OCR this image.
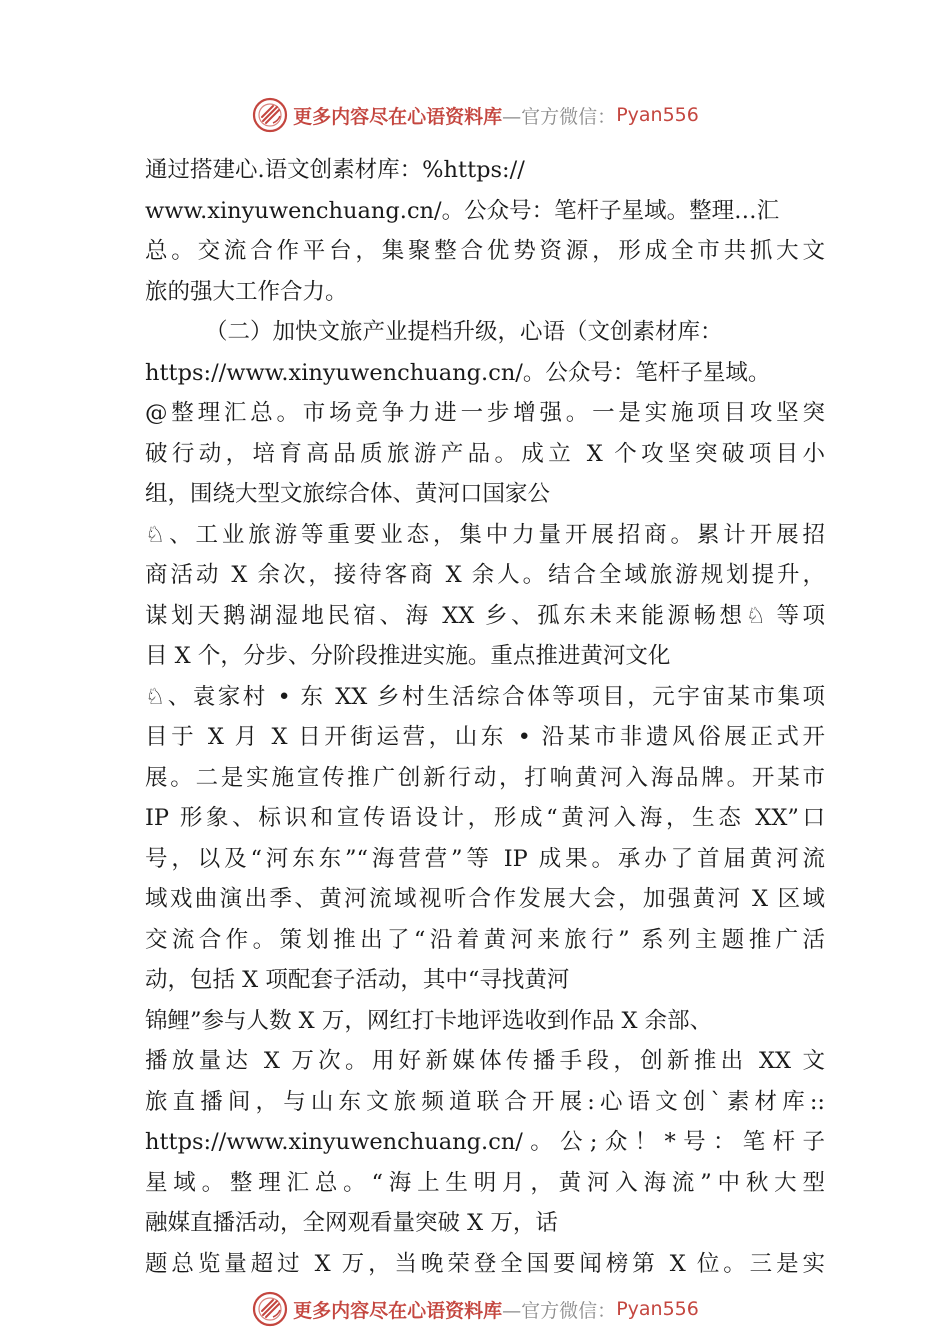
更多内容尽在心语资料库 —官方微信： Pyan556
通过搭建心.语文创素材库：%https://
www.xinyuwenchuang.cn/。公众号：笔杆子星域。整理…汇
总。交流合作平台，集聚整合优势资源，形成全市共抓大文
旅的强大工作合力。
（二）加快文旅产业提档升级，心语（文创素材库：
https://www.xinyuwenchuang.cn/。公众号：笔杆子星域。
@整理汇总。市场竞争力进一步增强。一是实施项目攻坚突
破行动，培育高品质旅游产品。成立 X 个攻坚突破项目小
组，围绕大型文旅综合体、黄河口国家公
♘、工业旅游等重要业态，集中力量开展招商。累计开展招
商活动 X 余次，接待客商 X 余人。结合全域旅游规划提升，
谋划天鹅湖湿地民宿、海 XX 乡、孤东未来能源畅想♘ 等项
目 X 个，分步、分阶段推进实施。重点推进黄河文化
♘、袁家村 • 东 XX 乡村生活综合体等项目，元宇宙某市集项
目于 X 月 X 日开街运营，山东 • 沿某市非遗风俗展正式开
展。二是实施宣传推广创新行动，打响黄河入海品牌。开某市
IP 形象、标识和宣传语设计，形成“黄河入海，生态 XX”口
号，以及“河东东”“海营营”等 IP 成果。承办了首届黄河流
域戏曲演出季、黄河流域视听合作发展大会，加强黄河 X 区域
交流合作。策划推出了“沿着黄河来旅行” 系列主题推广活
动，包括 X 项配套子活动，其中“寻找黄河
锦鲤”参与人数 X 万，网红打卡地评选收到作品 X 余部、
播放量达 X 万次。用好新媒体传播手段，创新推出 XX 文
旅直播间，与山东文旅频道联合开展:心语文创`素材库::
https://www.xinyuwenchuang.cn/。公;众！*号：笔杆子
星域。整理汇总。“海上生明月，黄河入海流”中秋大型
融媒直播活动，全网观看量突破 X 万，话
题总览量超过 X 万，当晚荣登全国要闻榜第 X 位。三是实
更多内容尽在心语资料库 —官方微信： Pyan556
